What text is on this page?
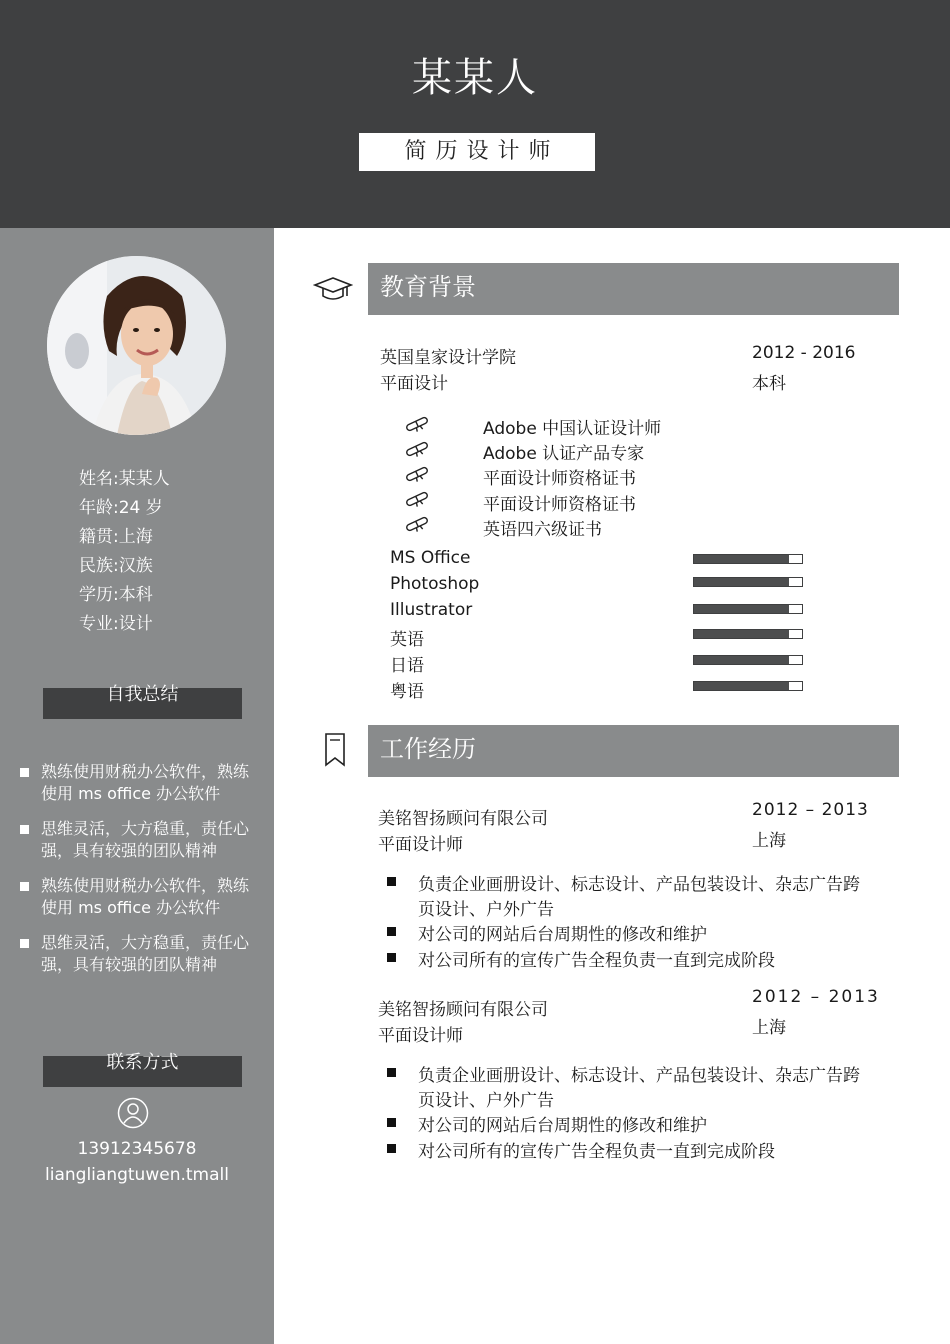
某某人
简历设计师
姓名:某某人
年龄:24 岁
籍贯:上海
民族:汉族
学历:本科
专业:设计
自我总结
熟练使用财税办公软件，熟练使用 ms office 办公软件
思维灵活，大方稳重，责任心强，具有较强的团队精神
熟练使用财税办公软件，熟练使用 ms office 办公软件
思维灵活，大方稳重，责任心强，具有较强的团队精神
联系方式
13912345678
liangliangtuwen.tmall
教育背景
英国皇家设计学院
平面设计
2012 - 2016
本科
Adobe 中国认证设计师
Adobe 认证产品专家
平面设计师资格证书
平面设计师资格证书
英语四六级证书
MS Office
Photoshop
Illustrator
英语
日语
粤语
工作经历
美铭智扬顾问有限公司
平面设计师
2012 – 2013
上海
负责企业画册设计、标志设计、产品包装设计、杂志广告跨
页设计、户外广告
对公司的网站后台周期性的修改和维护
对公司所有的宣传广告全程负责一直到完成阶段
美铭智扬顾问有限公司
平面设计师
2012 – 2013
上海
负责企业画册设计、标志设计、产品包装设计、杂志广告跨
页设计、户外广告
对公司的网站后台周期性的修改和维护
对公司所有的宣传广告全程负责一直到完成阶段
